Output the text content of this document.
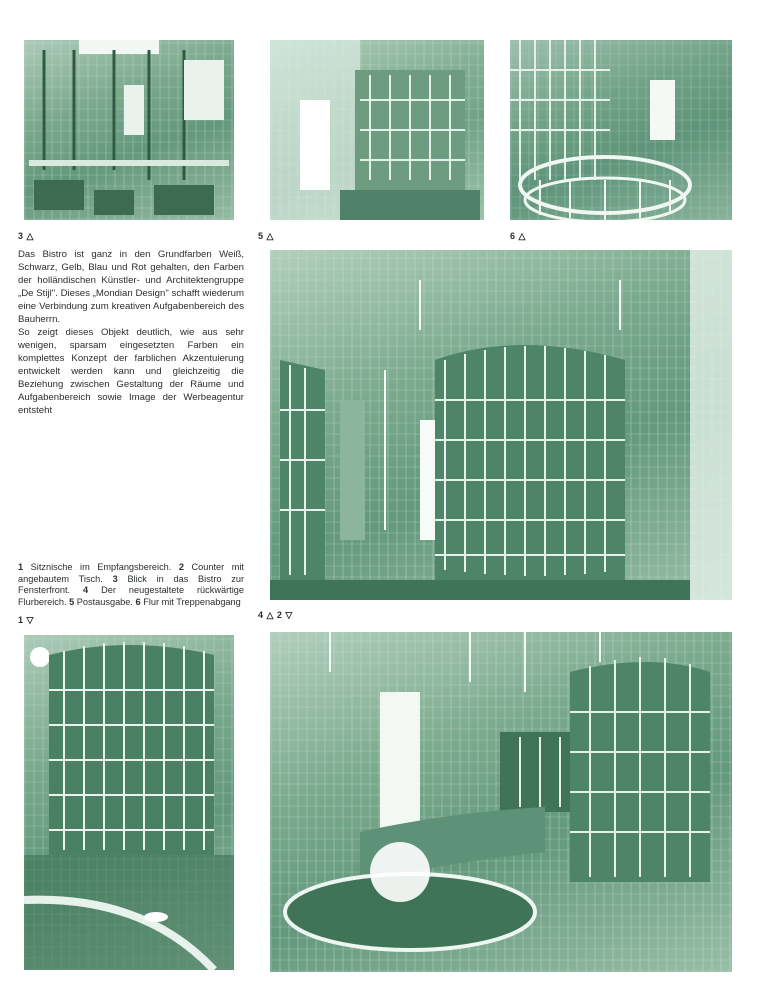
3 △	5 △	6 △

Das Bistro ist ganz in den Grundfarben Weiß, Schwarz, Gelb, Blau und Rot gehalten, den Farben der holländischen Künstler- und Architektengruppe „De Stijl". Dieses „Mondian Design" schafft wiederum eine Verbindung zum kreativen Aufgabenbereich des Bauherrn.

So zeigt dieses Objekt deutlich, wie aus sehr wenigen, sparsam eingesetzten Farben ein komplettes Konzept der farblichen Akzentuierung entwickelt werden kann und gleichzeitig die Beziehung zwischen Gestaltung der Räume und Aufgabenbereich sowie Image der Werbeagentur entsteht

4 △ 2 ▽
1 Sitznische im Empfangsbereich. 2 Counter mit angebautem Tisch. 3 Blick in das Bistro zur Fensterfront. 4 Der neugestaltete rückwärtige Flurbereich. 5 Postausgabe. 6 Flur mit Treppenabgang
1 ▽
